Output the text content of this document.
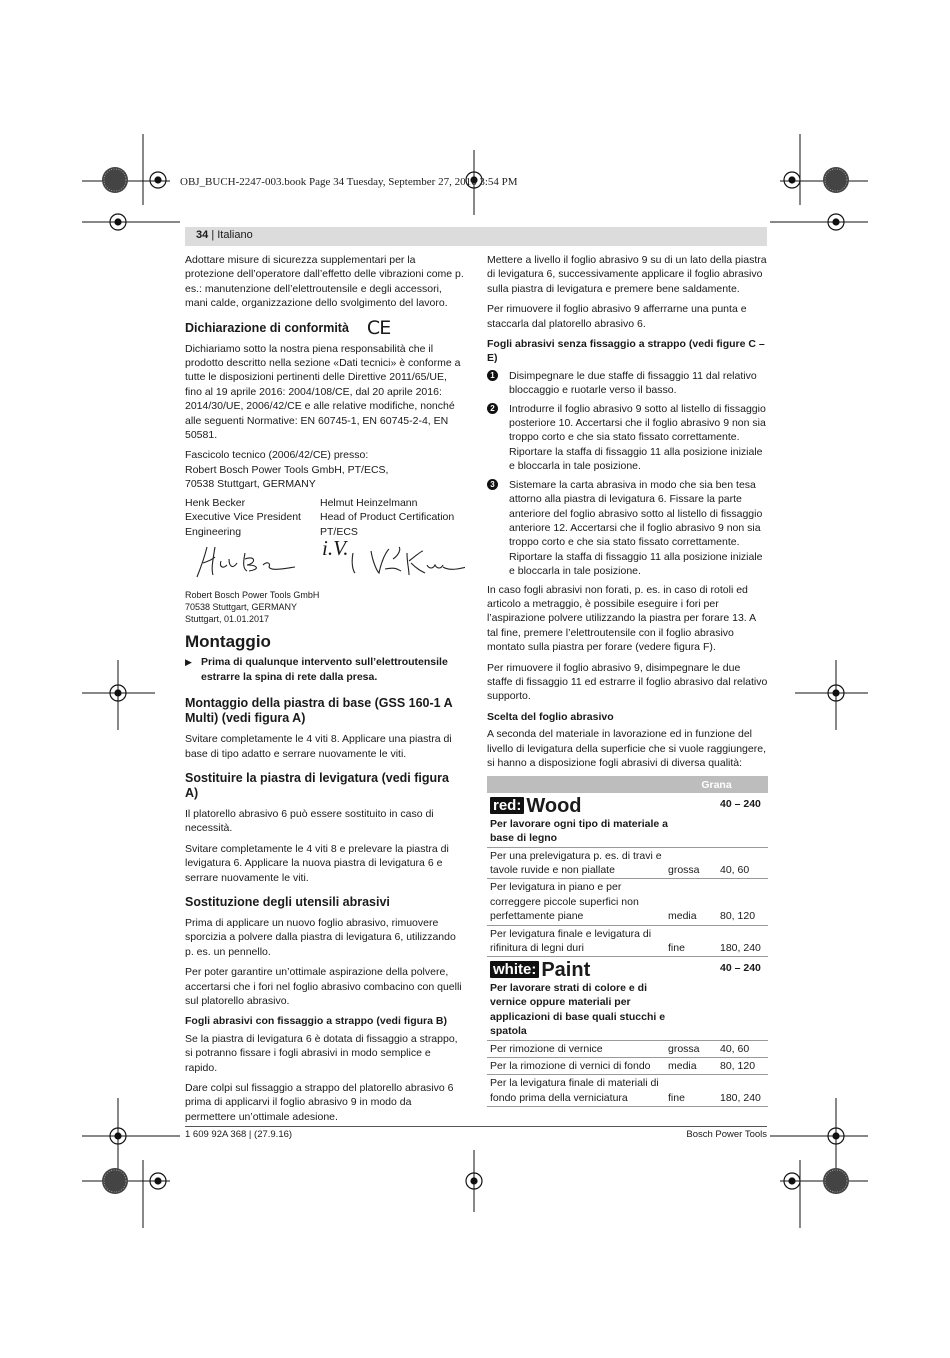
OBJ_BUCH-2247-003.book Page 34 Tuesday, September 27, 2016 3:54 PM
34 | Italiano

Adottare misure di sicurezza supplementari per la protezione dell’operatore dall’effetto delle vibrazioni come p. es.: manutenzione dell’elettroutensile e degli accessori, mani calde, organizzazione dello svolgimento del lavoro.

Dichiarazione di conformità CE

Dichiariamo sotto la nostra piena responsabilità che il prodotto descritto nella sezione «Dati tecnici» è conforme a tutte le disposizioni pertinenti delle Direttive 2011/65/UE, fino al 19 aprile 2016: 2004/108/CE, dal 20 aprile 2016: 2014/30/UE, 2006/42/CE e alle relative modifiche, nonché alle seguenti Normative: EN 60745-1, EN 60745-2-4, EN 50581.

Fascicolo tecnico (2006/42/CE) presso:
Robert Bosch Power Tools GmbH, PT/ECS,
70538 Stuttgart, GERMANY
Henk Becker
Executive Vice President
Engineering
Helmut Heinzelmann
Head of Product Certification
PT/ECS
i.V.
Robert Bosch Power Tools GmbH
70538 Stuttgart, GERMANY
Stuttgart, 01.01.2017
Montaggio

▶ Prima di qualunque intervento sull’elettroutensile estrarre la spina di rete dalla presa.

Montaggio della piastra di base (GSS 160-1 A Multi) (vedi figura A)

Svitare completamente le 4 viti 8. Applicare una piastra di base di tipo adatto e serrare nuovamente le viti.

Sostituire la piastra di levigatura (vedi figura A)

Il platorello abrasivo 6 può essere sostituito in caso di necessità.

Svitare completamente le 4 viti 8 e prelevare la piastra di levigatura 6. Applicare la nuova piastra di levigatura 6 e serrare nuovamente le viti.

Sostituzione degli utensili abrasivi

Prima di applicare un nuovo foglio abrasivo, rimuovere sporcizia a polvere dalla piastra di levigatura 6, utilizzando p. es. un pennello.

Per poter garantire un’ottimale aspirazione della polvere, accertarsi che i fori nel foglio abrasivo combacino con quelli sul platorello abrasivo.

Fogli abrasivi con fissaggio a strappo (vedi figura B)

Se la piastra di levigatura 6 è dotata di fissaggio a strappo, si potranno fissare i fogli abrasivi in modo semplice e rapido.

Dare colpi sul fissaggio a strappo del platorello abrasivo 6 prima di applicarvi il foglio abrasivo 9 in modo da permettere un’ottimale adesione.

Mettere a livello il foglio abrasivo 9 su di un lato della piastra di levigatura 6, successivamente applicare il foglio abrasivo sulla piastra di levigatura e premere bene saldamente.

Per rimuovere il foglio abrasivo 9 afferrarne una punta e staccarla dal platorello abrasivo 6.

Fogli abrasivi senza fissaggio a strappo (vedi figure C – E)
1	Disimpegnare le due staffe di fissaggio 11 dal relativo bloccaggio e ruotarle verso il basso.
2	Introdurre il foglio abrasivo 9 sotto al listello di fissaggio posteriore 10. Accertarsi che il foglio abrasivo 9 non sia troppo corto e che sia stato fissato correttamente. Riportare la staffa di fissaggio 11 alla posizione iniziale e bloccarla in tale posizione.
3	Sistemare la carta abrasiva in modo che sia ben tesa attorno alla piastra di levigatura 6. Fissare la parte anteriore del foglio abrasivo sotto al listello di fissaggio anteriore 12. Accertarsi che il foglio abrasivo 9 non sia troppo corto e che sia stato fissato correttamente. Riportare la staffa di fissaggio 11 alla posizione iniziale e bloccarla in tale posizione.

In caso fogli abrasivi non forati, p. es. in caso di rotoli ed articolo a metraggio, è possibile eseguire i fori per l’aspirazione polvere utilizzando la piastra per forare 13. A tal fine, premere l’elettroutensile con il foglio abrasivo montato sulla piastra per forare (vedere figura F).

Per rimuovere il foglio abrasivo 9, disimpegnare le due staffe di fissaggio 11 ed estrarre il foglio abrasivo dal relativo supporto.

Scelta del foglio abrasivo

A seconda del materiale in lavorazione ed in funzione del livello di levigatura della superficie che si vuole raggiungere, si hanno a disposizione fogli abrasivi di diversa qualità:

	Grana	

red: Wood		40 – 240
Per lavorare ogni tipo di materiale a base di legno		
Per una prelevigatura p. es. di travi e tavole ruvide e non piallate	grossa	40, 60
Per levigatura in piano e per correggere piccole superfici non perfettamente piane	media	80, 120
Per levigatura finale e levigatura di rifinitura di legni duri	fine	180, 240

white: Paint		40 – 240
Per lavorare strati di colore e di vernice oppure materiali per applicazioni di base quali stucchi e spatola		
Per rimozione di vernice	grossa	40, 60
Per la rimozione di vernici di fondo	media	80, 120
Per la levigatura finale di materiali di fondo prima della verniciatura	fine	180, 240
1 609 92A 368 | (27.9.16)	Bosch Power Tools
